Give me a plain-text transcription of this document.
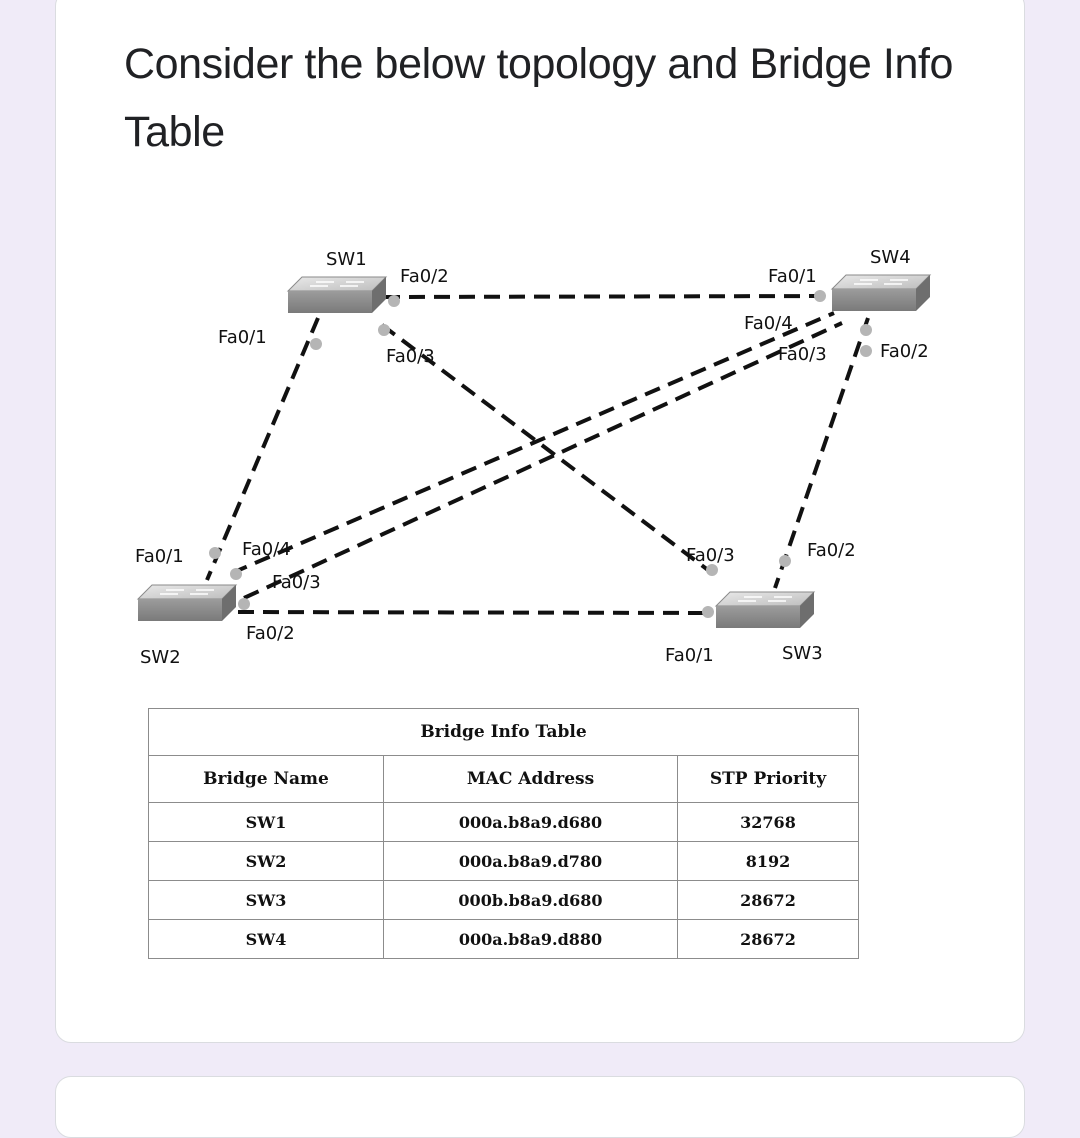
Consider the below topology and Bridge Info Table
SW1	SW4
SW2	SW3
Fa0/2
Fa0/1
Fa0/3
Fa0/1
Fa0/4
Fa0/3	Fa0/2
Fa0/1	Fa0/4
Fa0/3
Fa0/2
Fa0/3	Fa0/2
Fa0/1
Bridge Info Table		
Bridge Name	MAC Address	STP Priority
SW1	000a.b8a9.d680	32768
SW2	000a.b8a9.d780	8192
SW3	000b.b8a9.d680	28672
SW4	000a.b8a9.d880	28672
